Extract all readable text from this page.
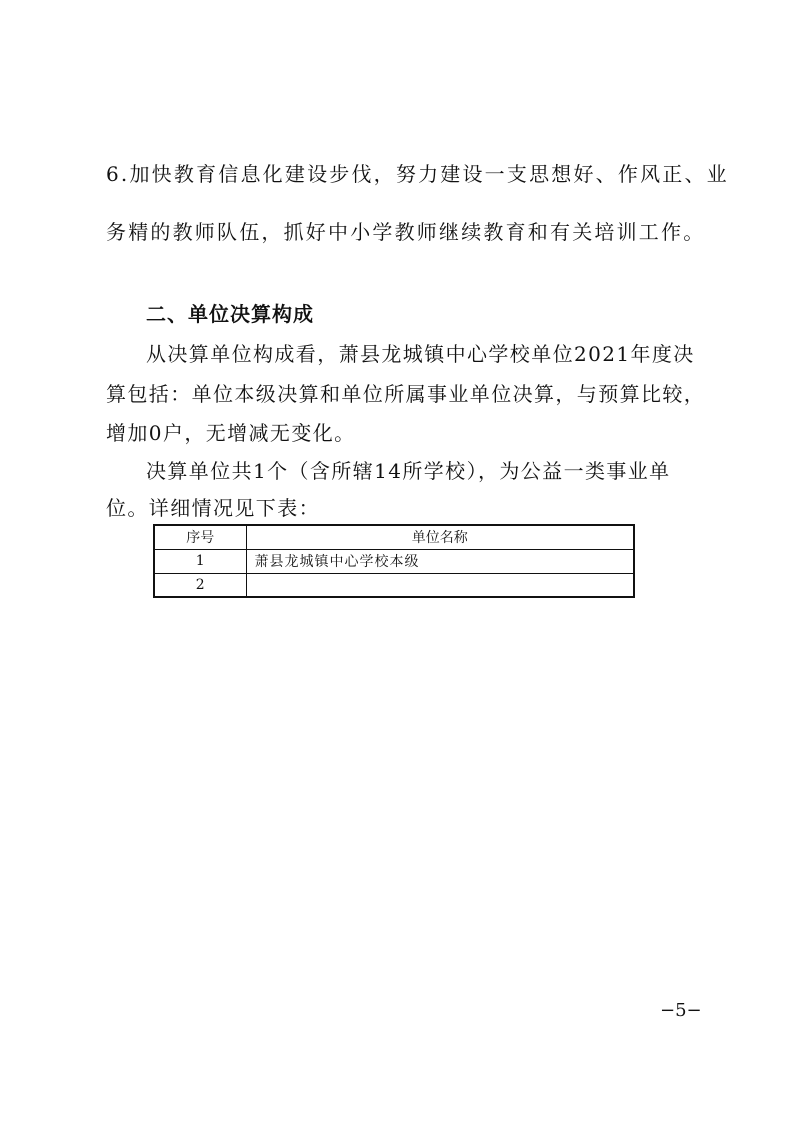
6.加快教育信息化建设步伐，努力建设一支思想好、作风正、业
务精的教师队伍，抓好中小学教师继续教育和有关培训工作。
二、单位决算构成
从决算单位构成看，萧县龙城镇中心学校单位2021年度决
算包括：单位本级决算和单位所属事业单位决算，与预算比较，
增加0户，无增减无变化。
决算单位共1个（含所辖14所学校），为公益一类事业单
位。详细情况见下表：
序号	单位名称
1	萧县龙城镇中心学校本级
2	
−5−
